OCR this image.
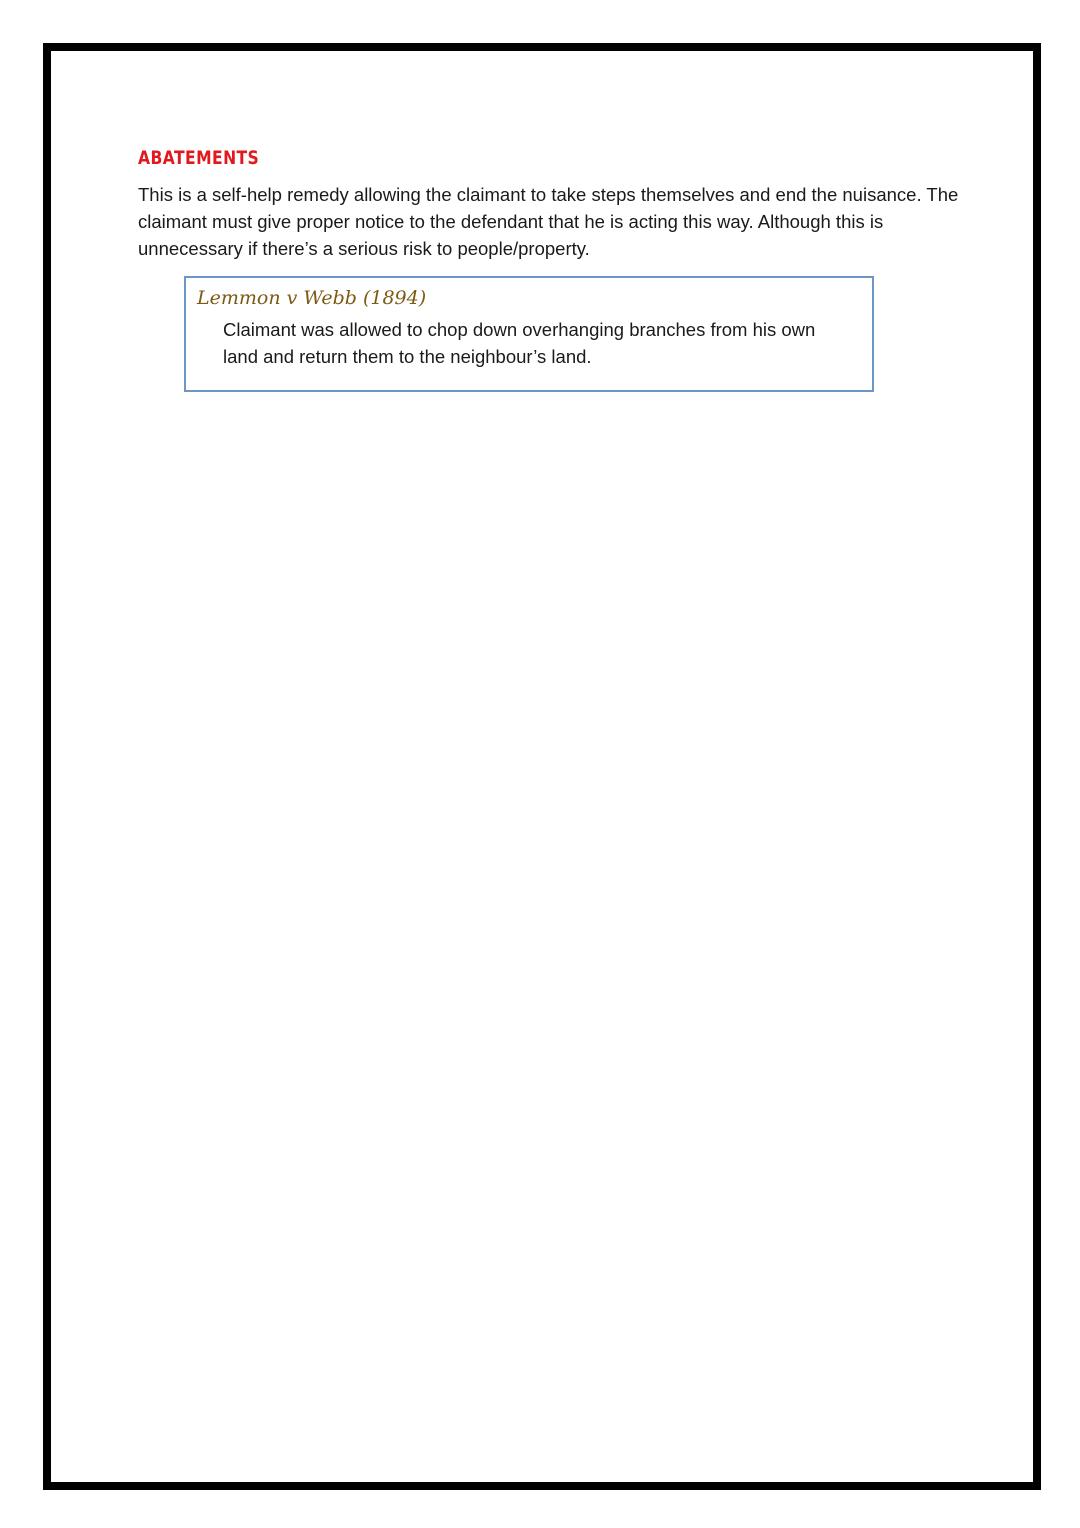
ABATEMENTS

This is a self-help remedy allowing the claimant to take steps themselves and end the nuisance. The claimant must give proper notice to the defendant that he is acting this way. Although this is unnecessary if there’s a serious risk to people/property.

Lemmon v Webb (1894)

Claimant was allowed to chop down overhanging branches from his own land and return them to the neighbour’s land.
